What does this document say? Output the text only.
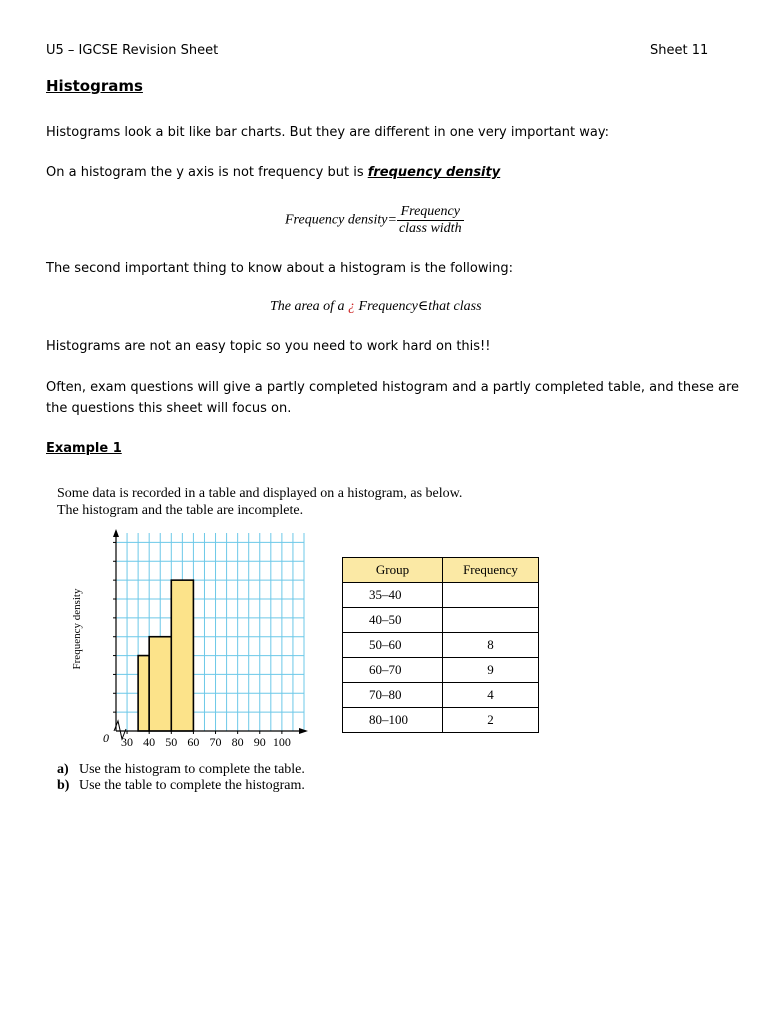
U5 – IGCSE Revision Sheet	Sheet 11
Histograms
Histograms look a bit like bar charts. But they are different in one very important way:
On a histogram the y axis is not frequency but is frequency density
Frequency density= $\frac{\text{Frequency}}{\text{class width}}$
The second important thing to know about a histogram is the following:
The area of a ¿ Frequency∈that class
Histograms are not an easy topic so you need to work hard on this!!
Often, exam questions will give a partly completed histogram and a partly completed table, and these are
the questions this sheet will focus on.
Example 1
Some data is recorded in a table and displayed on a histogram, as below.
The histogram and the table are incomplete.
Frequency density
0 30 40 50 60 70 80 90 100
Group	Frequency
35–40	
40–50	
50–60	8
60–70	9
70–80	4
80–100	2
a) Use the histogram to complete the table.
b) Use the table to complete the histogram.
